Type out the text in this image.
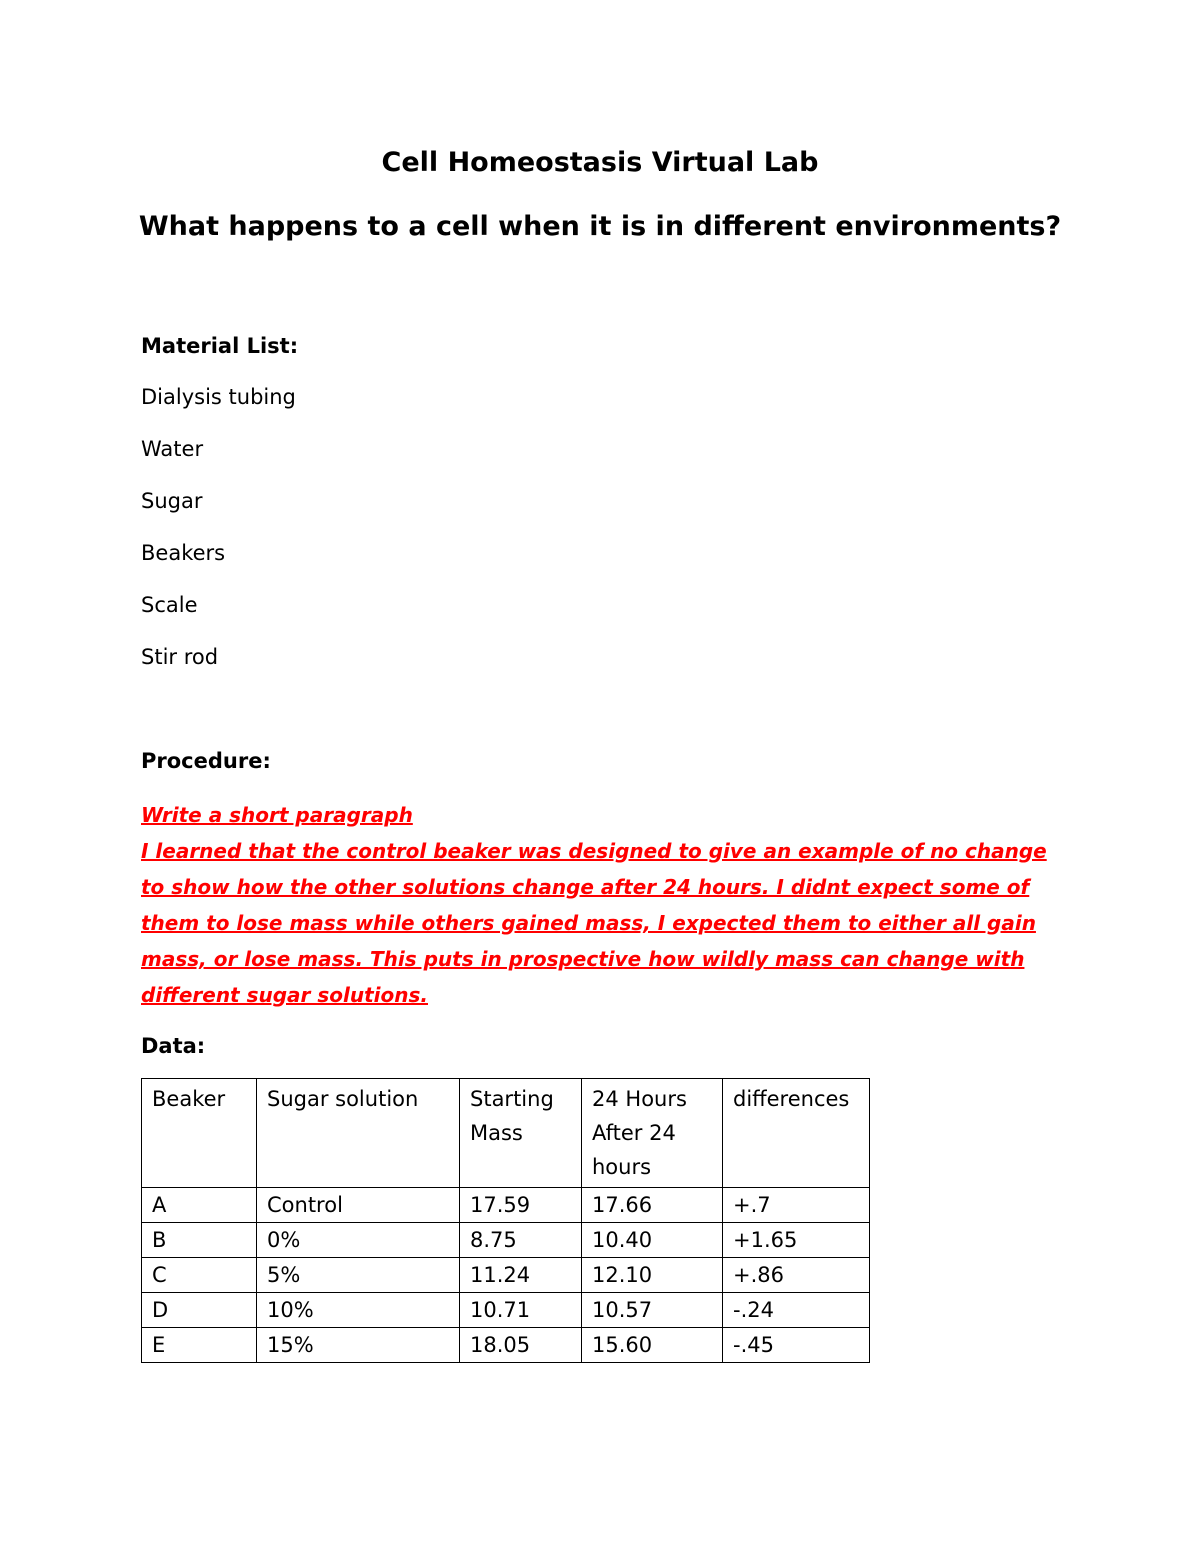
Cell Homeostasis Virtual Lab
What happens to a cell when it is in different environments?
Material List:
Dialysis tubing
Water
Sugar
Beakers
Scale
Stir rod
Procedure:

Write a short paragraph

I learned that the control beaker was designed to give an example of no change to show how the other solutions change after 24 hours. I didnt expect some of them to lose mass while others gained mass, I expected them to either all gain mass, or lose mass. This puts in prospective how wildly mass can change with different sugar solutions.

Data:
Beaker	Sugar solution	Starting Mass	24 Hours After 24 hours	differences
A	Control	17.59	17.66	+.7
B	0%	8.75	10.40	+1.65
C	5%	11.24	12.10	+.86
D	10%	10.71	10.57	-.24
E	15%	18.05	15.60	-.45
